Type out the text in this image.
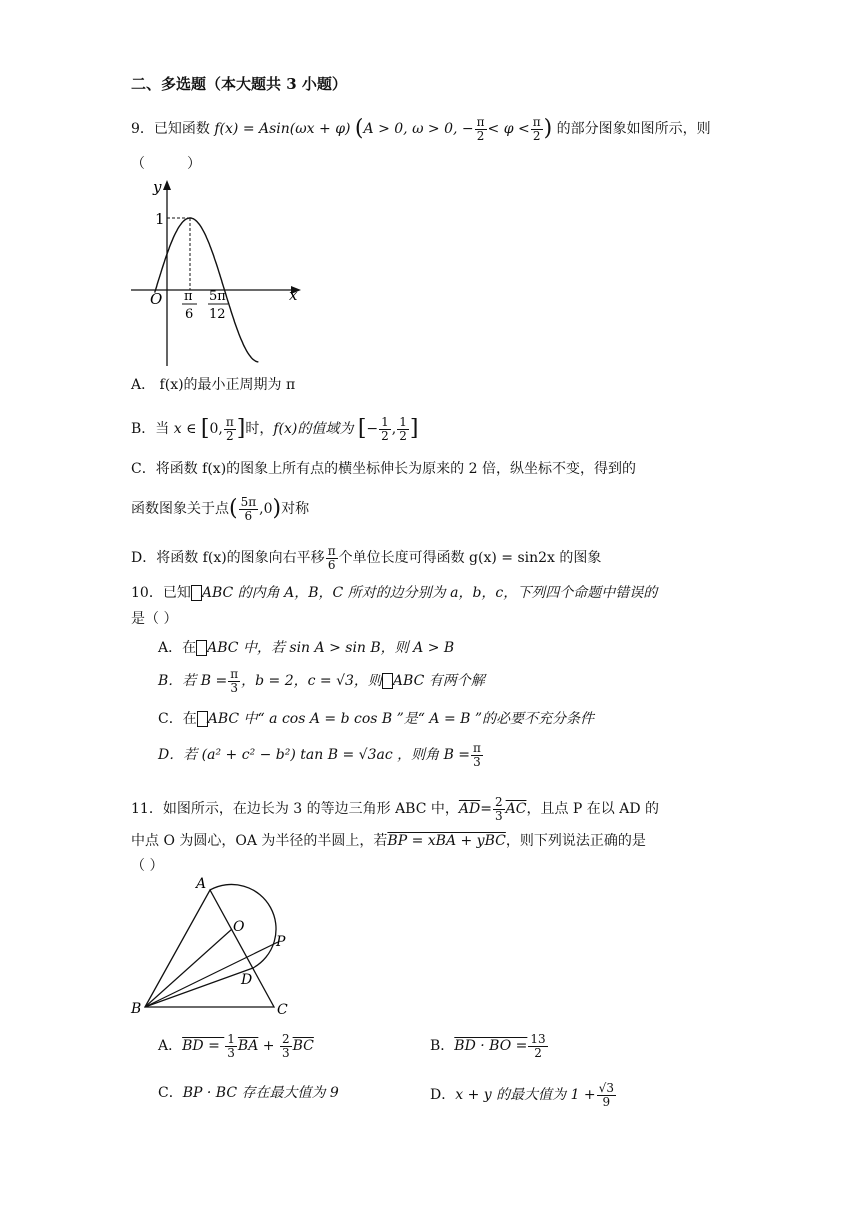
二、多选题（本大题共 3 小题）
9．已知函数 f(x) = Asin(ωx + φ) (A > 0, ω > 0, − $\frac{\pi}{2} < \varphi < \frac{\pi}{2}$ ) 的部分图象如图所示，则
（　　　）
y
x
1
O π
6
5π
12
A． f(x)的最小正周期为 π
B．当 x ∈ [0, $\frac{\pi}{2}$ ]时，f(x)的值域为 [− $\frac{1}{2}$ , $\frac{1}{2}$ ]
C．将函数 f(x)的图象上所有点的横坐标伸长为原来的 2 倍，纵坐标不变，得到的
函数图象关于点( $\frac{5\pi}{6} ,0$)对称
D．将函数 f(x)的图象向右平移 $\frac{\pi}{6}$ 个单位长度可得函数 g(x) = sin2x 的图象
10．已知 ABC 的内角 A，B，C 所对的边分别为 a，b，c，下列四个命题中错误的
是（ ）
A．在 ABC 中，若 sin A > sin B，则 A > B
B．若 $B = \frac{\pi}{3}$ ，b = 2，c = √3，则 ABC 有两个解
C．在 ABC 中“ a cos A = b cos B ”是“ A = B ”的必要不充分条件
D．若 (a² + c² − b²) tan B = √3ac ，则角 $B = \frac{\pi}{3}$
11．如图所示，在边长为 3 的等边三角形 ABC 中，$\overline{AD}= \frac{2}{3} \overline{AC}$，且点 P 在以 AD 的
中点 O 为圆心，OA 为半径的半圆上，若BP = xBA + yBC，则下列说法正确的是
（ ）
A
B	C
D
O
P
A．BD = $\frac{1}{3} \overline{BA} + \frac{2}{3} \overline{BC}$	B．BD · BO = $\frac{13}{2}$
C．BP · BC 存在最大值为 9	D．x + y 的最大值为 $1 + \frac{√3}{9}$
